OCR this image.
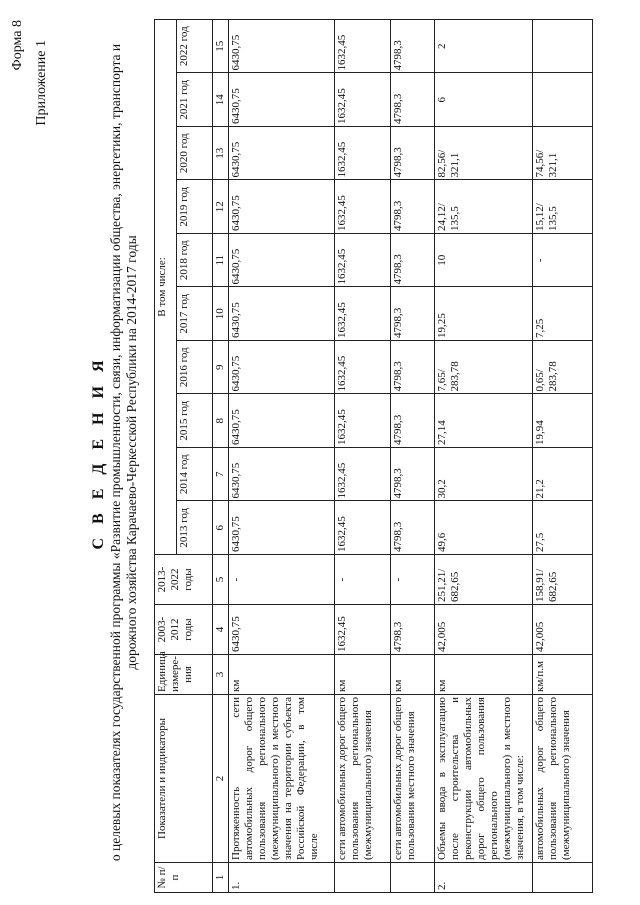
Форма 8 Приложение 1
С В Е Д Е Н И Я о целевых показателях государственной программы «Развитие промышленности, связи, информатизации общества, энергетики, транспорта и дорожного хозяйства Карачаево-Черкесской Республики на 2014-2017 годы
№ п/п	Показатели и индикаторы	Единица измере-ния	2003-2012 годы	2013-2022 годы	В том числе:									
					2013 год	2014 год	2015 год	2016 год	2017 год	2018 год	2019 год	2020 год	2021 год	2022 год
1	2	3	4	5	6	7	8	9	10	11	12	13	14	15
1.	Протяженность сети автомобильных дорог общего пользования регионального (межмуниципального) и местного значения на территории субъекта Российской Федерации, в том числе	км	6430,75	-	6430,75	6430,75	6430,75	6430,75	6430,75	6430,75	6430,75	6430,75	6430,75	6430,75
	сети автомобильных дорог общего пользования регионального (межмуниципального) значения	км	1632,45	-	1632,45	1632,45	1632,45	1632,45	1632,45	1632,45	1632,45	1632,45	1632,45	1632,45
	сети автомобильных дорог общего пользования местного значения	км	4798,3	-	4798,3	4798,3	4798,3	4798,3	4798,3	4798,3	4798,3	4798,3	4798,3	4798,3
2.	Объемы ввода в эксплуатацию после строительства и реконструкции автомобильных дорог общего пользования регионального (межмуниципального) и местного значения, в том числе:	км	42,005	251,21/ 682,65	49,6	30,2	27,14	7,65/ 283,78	19,25	10	24,12/ 135,5	82,56/ 321,1	6	2
	автомобильных дорог общего пользования регионального (межмуниципального) значения	км/п.м	42,005	158,91/ 682,65	27,5	21,2	19,94	0,65/ 283,78	7,25	-	15,12/ 135,5	74,56/ 321,1		
